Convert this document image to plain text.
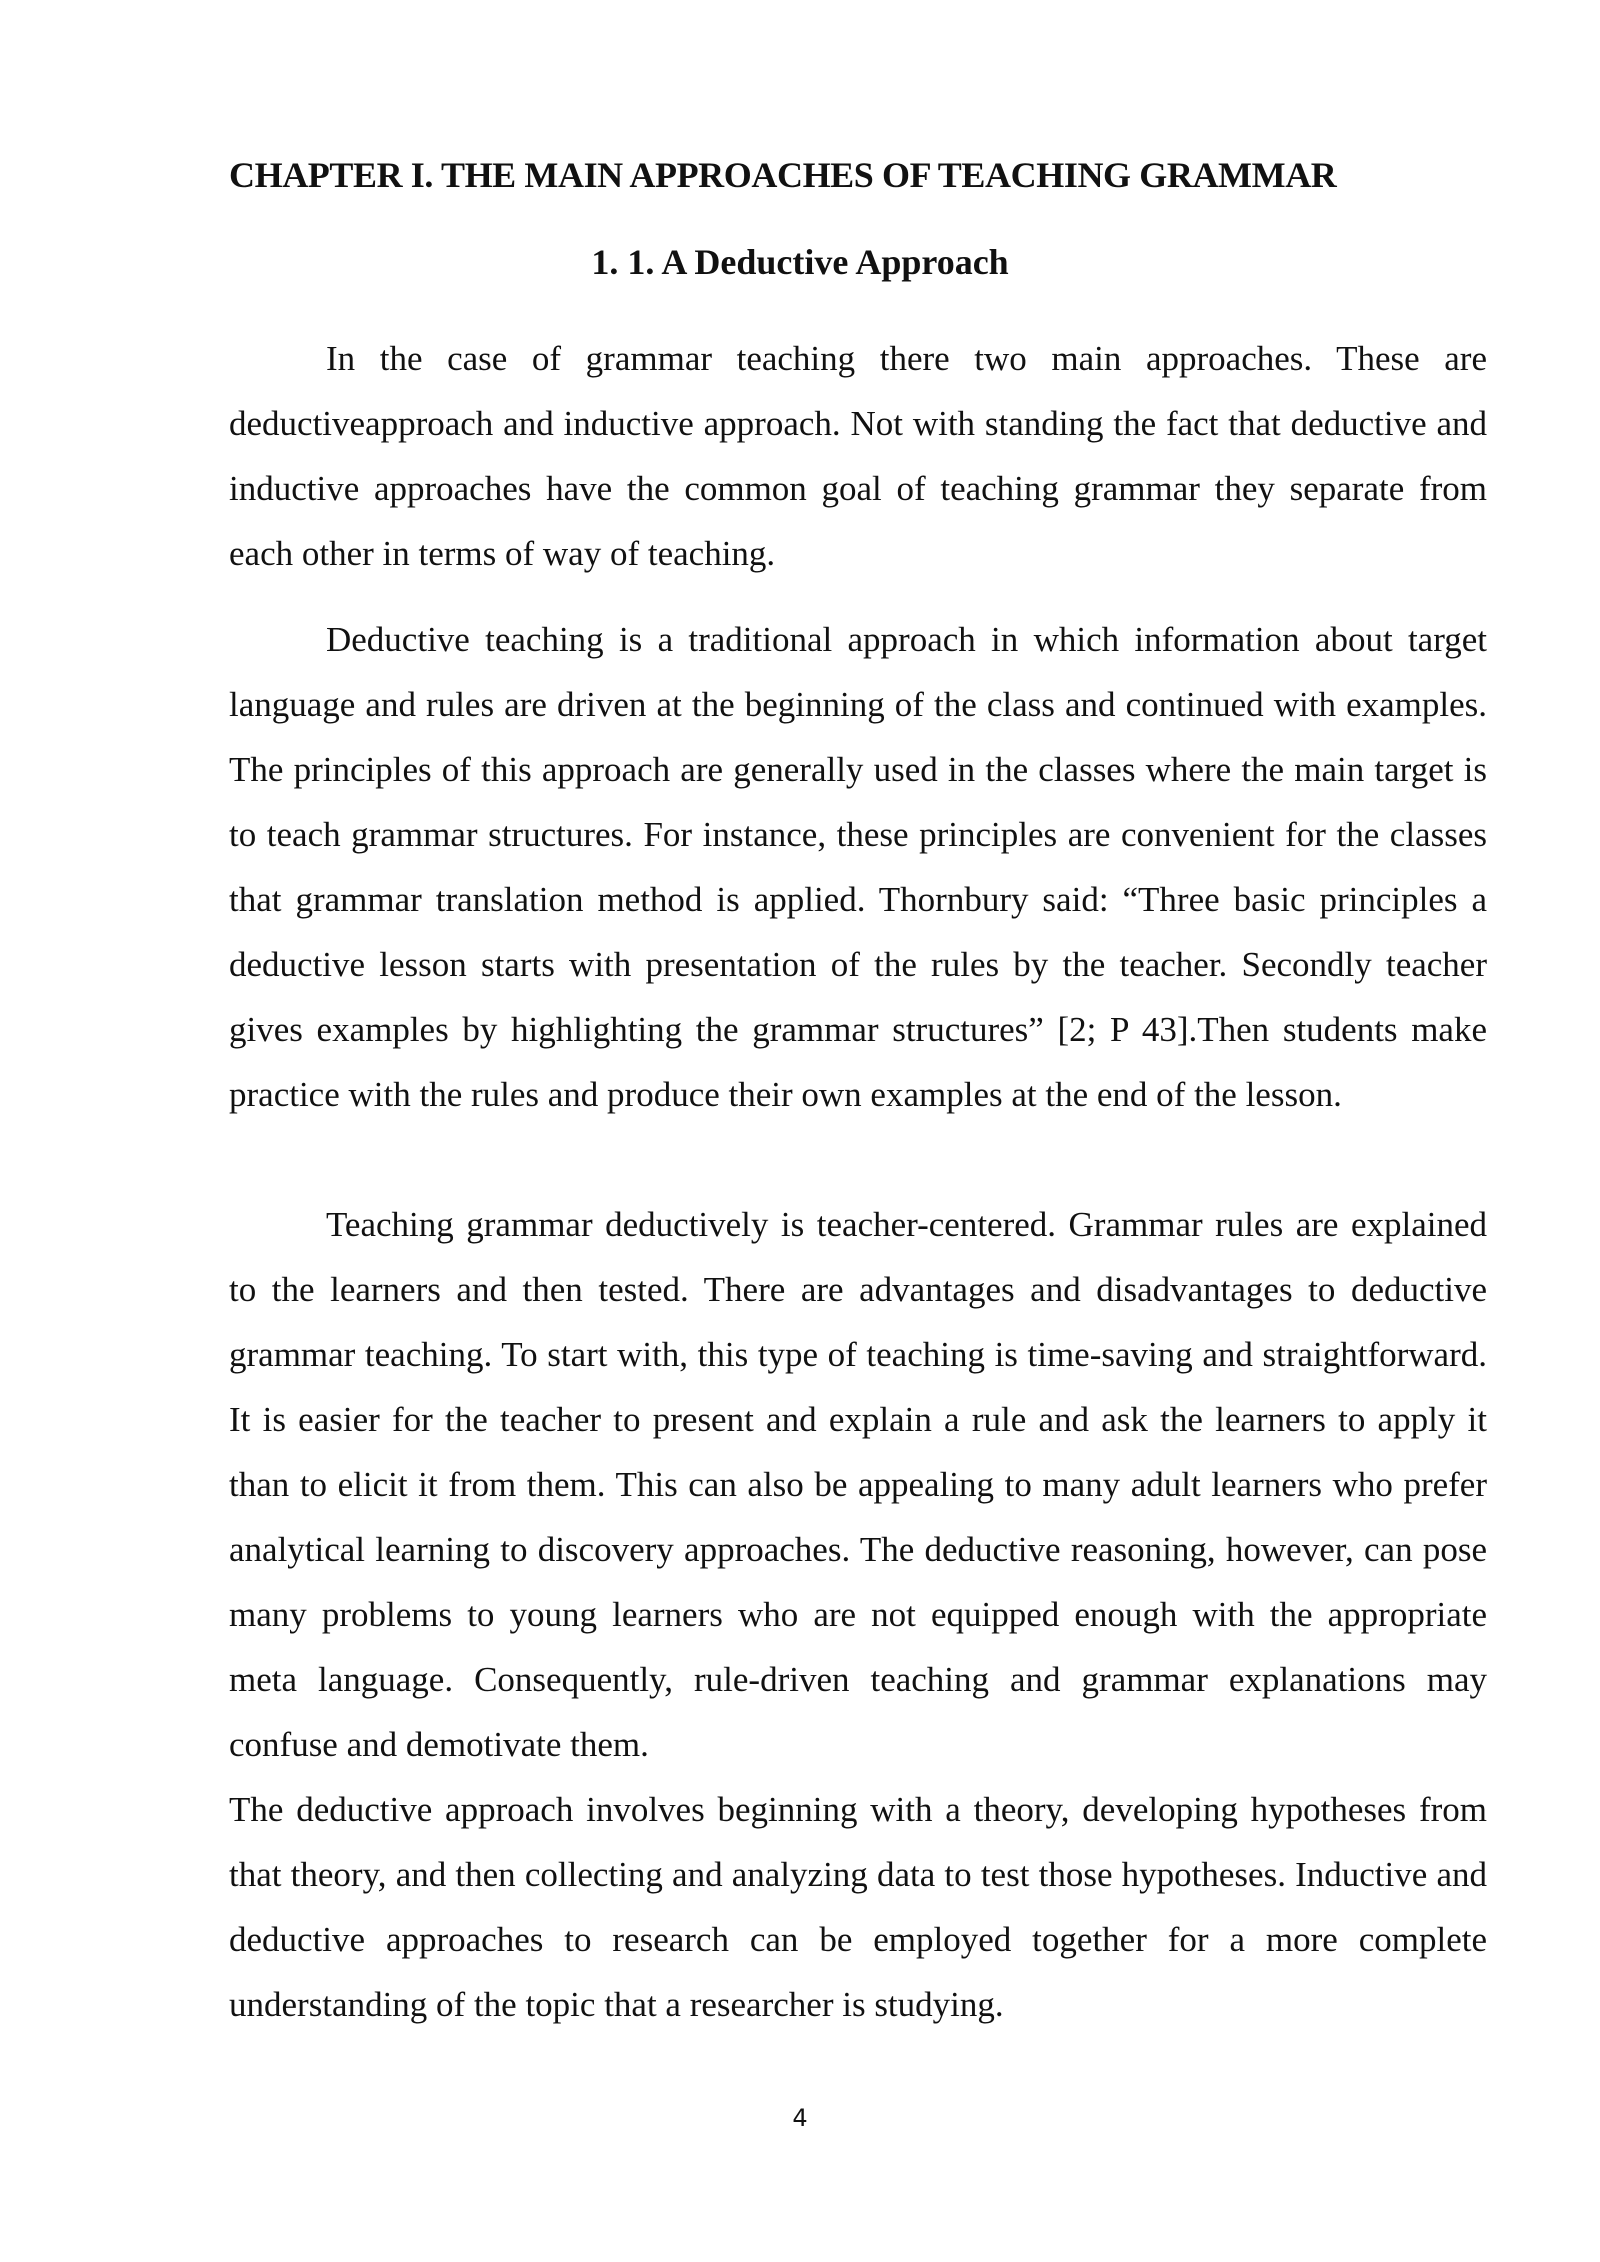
CHAPTER I. THE MAIN APPROACHES OF TEACHING GRAMMAR
1. 1. A Deductive Approach

In the case of grammar teaching there two main approaches. These are deductiveapproach and inductive approach. Not with standing the fact that deductive and inductive approaches have the common goal of teaching grammar they separate from each other in terms of way of teaching.

Deductive teaching is a traditional approach in which information about target language and rules are driven at the beginning of the class and continued with examples. The principles of this approach are generally used in the classes where the main target is to teach grammar structures. For instance, these principles are convenient for the classes that grammar translation method is applied. Thornbury said: “Three basic principles a deductive lesson starts with presentation of the rules by the teacher. Secondly teacher gives examples by highlighting the grammar structures” [2; P 43].Then students make practice with the rules and produce their own examples at the end of the lesson.

Teaching grammar deductively is teacher-centered. Grammar rules are explained to the learners and then tested. There are advantages and disadvantages to deductive grammar teaching. To start with, this type of teaching is time-saving and straightforward. It is easier for the teacher to present and explain a rule and ask the learners to apply it than to elicit it from them. This can also be appealing to many adult learners who prefer analytical learning to discovery approaches. The deductive reasoning, however, can pose many problems to young learners who are not equipped enough with the appropriate meta language. Consequently, rule-driven teaching and grammar explanations may confuse and demotivate them.

The deductive approach involves beginning with a theory, developing hypotheses from that theory, and then collecting and analyzing data to test those hypotheses. Inductive and deductive approaches to research can be employed together for a more complete understanding of the topic that a researcher is studying.

4
